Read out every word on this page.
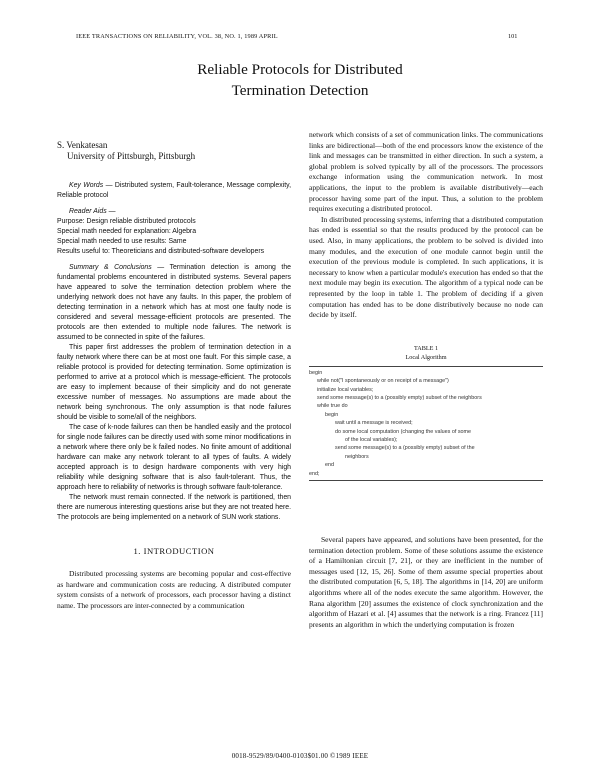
IEEE TRANSACTIONS ON RELIABILITY, VOL. 38, NO. 1, 1989 APRIL	101
Reliable Protocols for Distributed
Termination Detection
S. Venkatesan
University of Pittsburgh, Pittsburgh

Key Words — Distributed system, Fault-tolerance, Message complexity, Reliable protocol

Reader Aids —

Purpose: Design reliable distributed protocols

Special math needed for explanation: Algebra

Special math needed to use results: Same

Results useful to: Theoreticians and distributed-software developers

Summary & Conclusions — Termination detection is among the fundamental problems encountered in distributed systems. Several papers have appeared to solve the termination detection problem where the underlying network does not have any faults. In this paper, the problem of detecting termination in a network which has at most one faulty node is considered and several message-efficient protocols are presented. The protocols are then extended to multiple node failures. The network is assumed to be connected in spite of the failures.

This paper first addresses the problem of termination detection in a faulty network where there can be at most one fault. For this simple case, a reliable protocol is provided for detecting termination. Some optimization is performed to arrive at a protocol which is message-efficient. The protocols are easy to implement because of their simplicity and do not generate excessive number of messages. No assumptions are made about the network being synchronous. The only assumption is that node failures should be visible to some/all of the neighbors.

The case of k-node failures can then be handled easily and the protocol for single node failures can be directly used with some minor modifications in a network where there only be k failed nodes. No finite amount of additional hardware can make any network tolerant to all types of faults. A widely accepted approach is to design hardware components with very high reliability while designing software that is also fault-tolerant. Thus, the approach here to reliability of networks is through software fault-tolerance.

The network must remain connected. If the network is partitioned, then there are numerous interesting questions arise but they are not treated here. The protocols are being implemented on a network of SUN work stations.

1. INTRODUCTION

Distributed processing systems are becoming popular and cost-effective as hardware and communication costs are reducing. A distributed computer system consists of a network of processors, each processor having a distinct name. The processors are inter-connected by a communication

network which consists of a set of communication links. The communications links are bidirectional—both of the end processors know the existence of the link and messages can be transmitted in either direction. In such a system, a global problem is solved typically by all of the processors. The processors exchange information using the communication network. In most applications, the input to the problem is available distributively—each processor having some part of the input. Thus, a solution to the problem requires executing a distributed protocol.

In distributed processing systems, inferring that a distributed computation has ended is essential so that the results produced by the protocol can be used. Also, in many applications, the problem to be solved is divided into many modules, and the execution of one module cannot begin until the execution of the previous module is completed. In such applications, it is necessary to know when a particular module's execution has ended so that the next module may begin its execution. The algorithm of a typical node can be represented by the loop in table 1. The problem of deciding if a given computation has ended has to be done distributively because no node can decide by itself.

TABLE 1
Local Algorithm
begin
while not("I spontaneously or on receipt of a message")
initialize local variables;
send some message(s) to a (possibly empty) subset of the neighbors
while true do
begin
wait until a message is received;
do some local computation (changing the values of some
of the local variables);
send some message(s) to a (possibly empty) subset of the
neighbors
end
end;

Several papers have appeared, and solutions have been presented, for the termination detection problem. Some of these solutions assume the existence of a Hamiltonian circuit [7, 21], or they are inefficient in the number of messages used [12, 15, 26]. Some of them assume special properties about the distributed computation [6, 5, 18]. The algorithms in [14, 20] are uniform algorithms where all of the nodes execute the same algorithm. However, the Rana algorithm [20] assumes the existence of clock synchronization and the algorithm of Hazari et al. [4] assumes that the network is a ring. Francez [11] presents an algorithm in which the underlying computation is frozen

0018-9529/89/0400-0103$01.00 ©1989 IEEE
